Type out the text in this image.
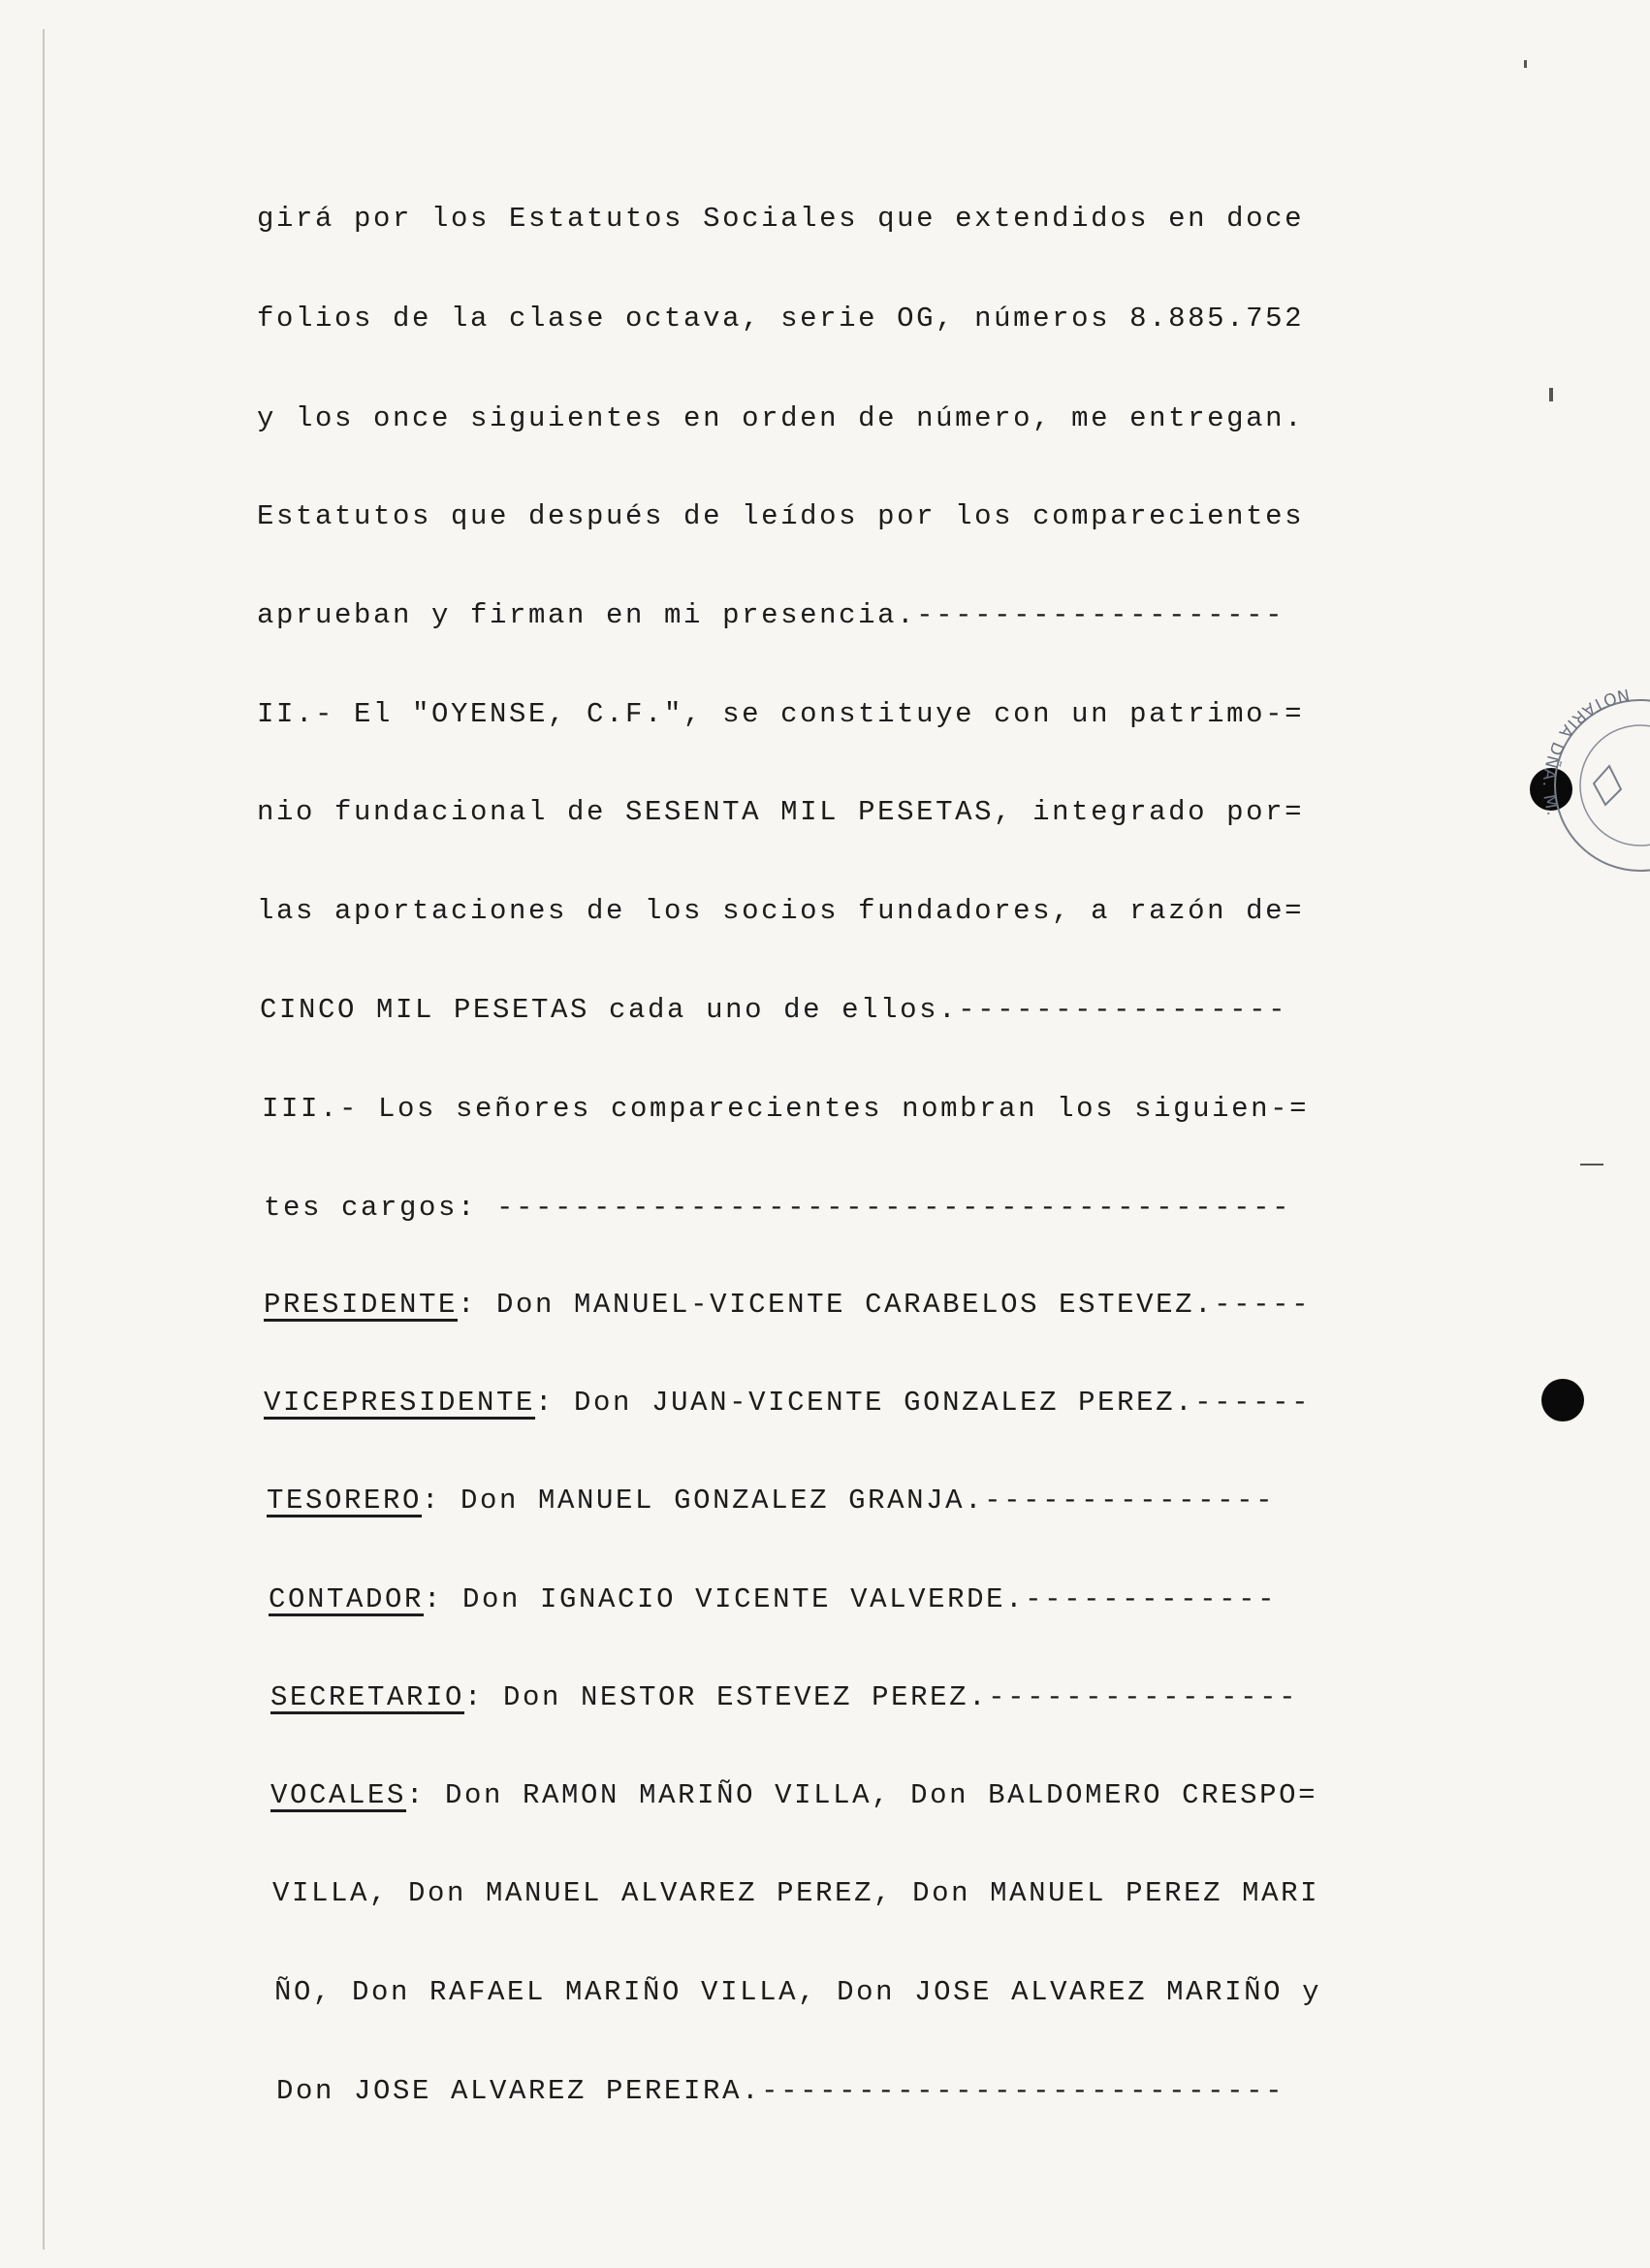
girá por los Estatutos Sociales que extendidos en doce
folios de la clase octava, serie OG, números 8.885.752
y los once siguientes en orden de número, me entregan.
Estatutos que después de leídos por los comparecientes
aprueban y firman en mi presencia.-------------------
II.- El "OYENSE, C.F.", se constituye con un patrimo-=
nio fundacional de SESENTA MIL PESETAS, integrado por=
las aportaciones de los socios fundadores, a razón de=
CINCO MIL PESETAS cada uno de ellos.-----------------
III.- Los señores comparecientes nombran los siguien-=
tes cargos: -----------------------------------------
PRESIDENTE: Don MANUEL-VICENTE CARABELOS ESTEVEZ.-----
VICEPRESIDENTE: Don JUAN-VICENTE GONZALEZ PEREZ.------
TESORERO: Don MANUEL GONZALEZ GRANJA.---------------
CONTADOR: Don IGNACIO VICENTE VALVERDE.-------------
SECRETARIO: Don NESTOR ESTEVEZ PEREZ.----------------
VOCALES: Don RAMON MARIÑO VILLA, Don BALDOMERO CRESPO=
VILLA, Don MANUEL ALVAREZ PEREZ, Don MANUEL PEREZ MARI
ÑO, Don RAFAEL MARIÑO VILLA, Don JOSE ALVAREZ MARIÑO y
Don JOSE ALVAREZ PEREIRA.---------------------------
NOTARIA DÑA. M.
